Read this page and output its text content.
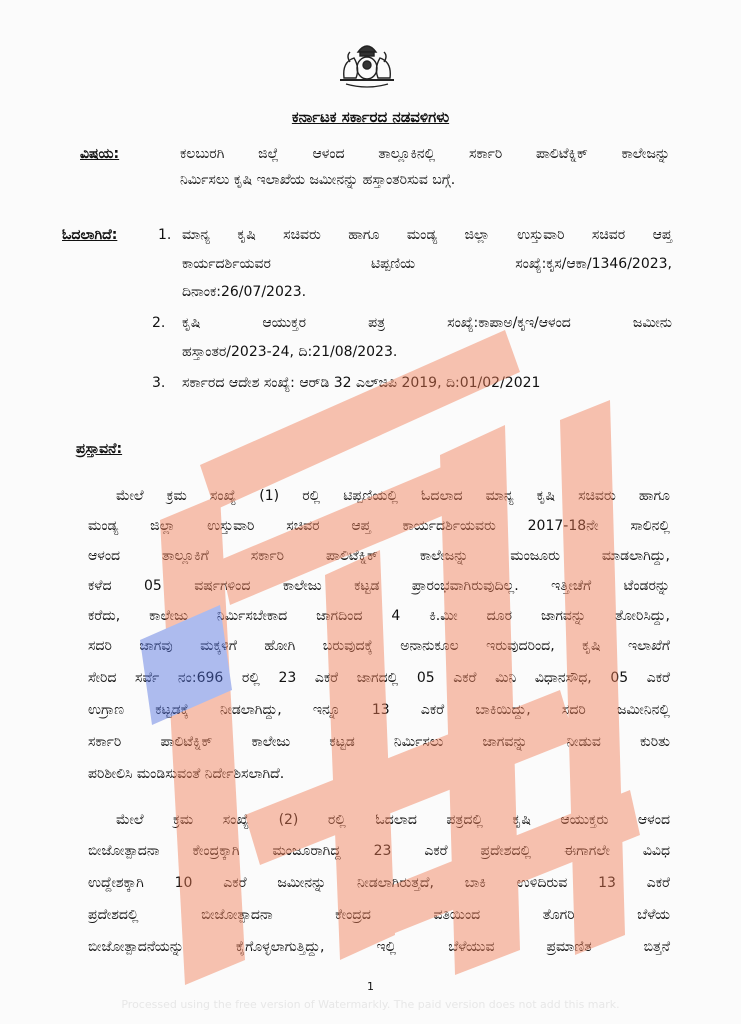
ಕರ್ನಾಟಕ ಸರ್ಕಾರದ ನಡವಳಿಗಳು
ವಿಷಯ:	ಕಲಬುರಗಿ ಜಿಲ್ಲೆ ಆಳಂದ ತಾಲ್ಲೂಕಿನಲ್ಲಿ ಸರ್ಕಾರಿ ಪಾಲಿಟೆಕ್ನಿಕ್ ಕಾಲೇಜನ್ನು
ನಿರ್ಮಿಸಲು ಕೃಷಿ ಇಲಾಖೆಯ ಜಮೀನನ್ನು ಹಸ್ತಾಂತರಿಸುವ ಬಗ್ಗೆ.
ಓದಲಾಗಿದೆ:	1. ಮಾನ್ಯ ಕೃಷಿ ಸಚಿವರು ಹಾಗೂ ಮಂಡ್ಯ ಜಿಲ್ಲಾ ಉಸ್ತುವಾರಿ ಸಚಿವರ ಆಪ್ತ
ಕಾರ್ಯದರ್ಶಿಯವರ ಟಿಪ್ಪಣಿಯ ಸಂಖ್ಯೆ:ಕೃಸ/ಆಕಾ/1346/2023,
ದಿನಾಂಕ:26/07/2023.
2. ಕೃಷಿ ಆಯುಕ್ತರ ಪತ್ರ ಸಂಖ್ಯೆ:ಕಾಪಾಅ/ಕೃಇ/ಆಳಂದ ಜಮೀನು
ಹಸ್ತಾಂತರ/2023-24, ದಿ:21/08/2023.
3. ಸರ್ಕಾರದ ಆದೇಶ ಸಂಖ್ಯೆ: ಆರ್‌ಡಿ 32 ಎಲ್‌ಜಿಪಿ 2019, ದಿ:01/02/2021
ಪ್ರಸ್ತಾವನೆ:
ಮೇಲೆ ಕ್ರಮ ಸಂಖ್ಯೆ (1) ರಲ್ಲಿ ಟಿಪ್ಪಣಿಯಲ್ಲಿ ಓದಲಾದ ಮಾನ್ಯ ಕೃಷಿ ಸಚಿವರು ಹಾಗೂ
ಮಂಡ್ಯ ಜಿಲ್ಲಾ ಉಸ್ತುವಾರಿ ಸಚಿವರ ಆಪ್ತ ಕಾರ್ಯದರ್ಶಿಯವರು 2017-18ನೇ ಸಾಲಿನಲ್ಲಿ
ಆಳಂದ ತಾಲ್ಲೂಕಿಗೆ ಸರ್ಕಾರಿ ಪಾಲಿಟೆಕ್ನಿಕ್ ಕಾಲೇಜನ್ನು ಮಂಜೂರು ಮಾಡಲಾಗಿದ್ದು,
ಕಳೆದ 05 ವರ್ಷಗಳಿಂದ ಕಾಲೇಜು ಕಟ್ಟಡ ಪ್ರಾರಂಭವಾಗಿರುವುದಿಲ್ಲ. ಇತ್ತೀಚೆಗೆ ಟೆಂಡರನ್ನು
ಕರೆದು, ಕಾಲೇಜು ನಿರ್ಮಿಸಬೇಕಾದ ಜಾಗದಿಂದ 4 ಕಿ.ಮೀ ದೂರ ಜಾಗವನ್ನು ತೋರಿಸಿದ್ದು,
ಸದರಿ ಜಾಗವು ಮಕ್ಕಳಿಗೆ ಹೋಗಿ ಬರುವುದಕ್ಕೆ ಅನಾನುಕೂಲ ಇರುವುದರಿಂದ, ಕೃಷಿ ಇಲಾಖೆಗೆ
ಸೇರಿದ ಸರ್ವೆ ನಂ:696 ರಲ್ಲಿ 23 ಎಕರೆ ಜಾಗದಲ್ಲಿ 05 ಎಕರೆ ಮಿನಿ ವಿಧಾನಸೌಧ, 05 ಎಕರೆ
ಉಗ್ರಾಣ ಕಟ್ಟಡಕ್ಕೆ ನೀಡಲಾಗಿದ್ದು, ಇನ್ನೂ 13 ಎಕರೆ ಬಾಕಿಯಿದ್ದು, ಸದರಿ ಜಮೀನಿನಲ್ಲಿ
ಸರ್ಕಾರಿ ಪಾಲಿಟೆಕ್ನಿಕ್ ಕಾಲೇಜು ಕಟ್ಟಡ ನಿರ್ಮಿಸಲು ಜಾಗವನ್ನು ನೀಡುವ ಕುರಿತು
ಪರಿಶೀಲಿಸಿ ಮಂಡಿಸುವಂತೆ ನಿರ್ದೇಶಿಸಲಾಗಿದೆ.
ಮೇಲೆ ಕ್ರಮ ಸಂಖ್ಯೆ (2) ರಲ್ಲಿ ಓದಲಾದ ಪತ್ರದಲ್ಲಿ ಕೃಷಿ ಆಯುಕ್ತರು ಆಳಂದ
ಬೀಜೋತ್ಪಾದನಾ ಕೇಂದ್ರಕ್ಕಾಗಿ ಮಂಜೂರಾಗಿದ್ದ 23 ಎಕರೆ ಪ್ರದೇಶದಲ್ಲಿ ಈಗಾಗಲೇ ವಿವಿಧ
ಉದ್ದೇಶಕ್ಕಾಗಿ 10 ಎಕರೆ ಜಮೀನನ್ನು ನೀಡಲಾಗಿರುತ್ತದೆ, ಬಾಕಿ ಉಳಿದಿರುವ 13 ಎಕರೆ
ಪ್ರದೇಶದಲ್ಲಿ ಬೀಜೋತ್ಪಾದನಾ ಕೇಂದ್ರದ ವತಿಯಿಂದ ತೊಗರಿ ಬೆಳೆಯ
ಬೀಜೋತ್ಪಾದನೆಯನ್ನು ಕೈಗೊಳ್ಳಲಾಗುತ್ತಿದ್ದು, ಇಲ್ಲಿ ಬೆಳೆಯುವ ಪ್ರಮಾಣಿತ ಬಿತ್ತನೆ
1
Processed using the free version of Watermarkly. The paid version does not add this mark.
